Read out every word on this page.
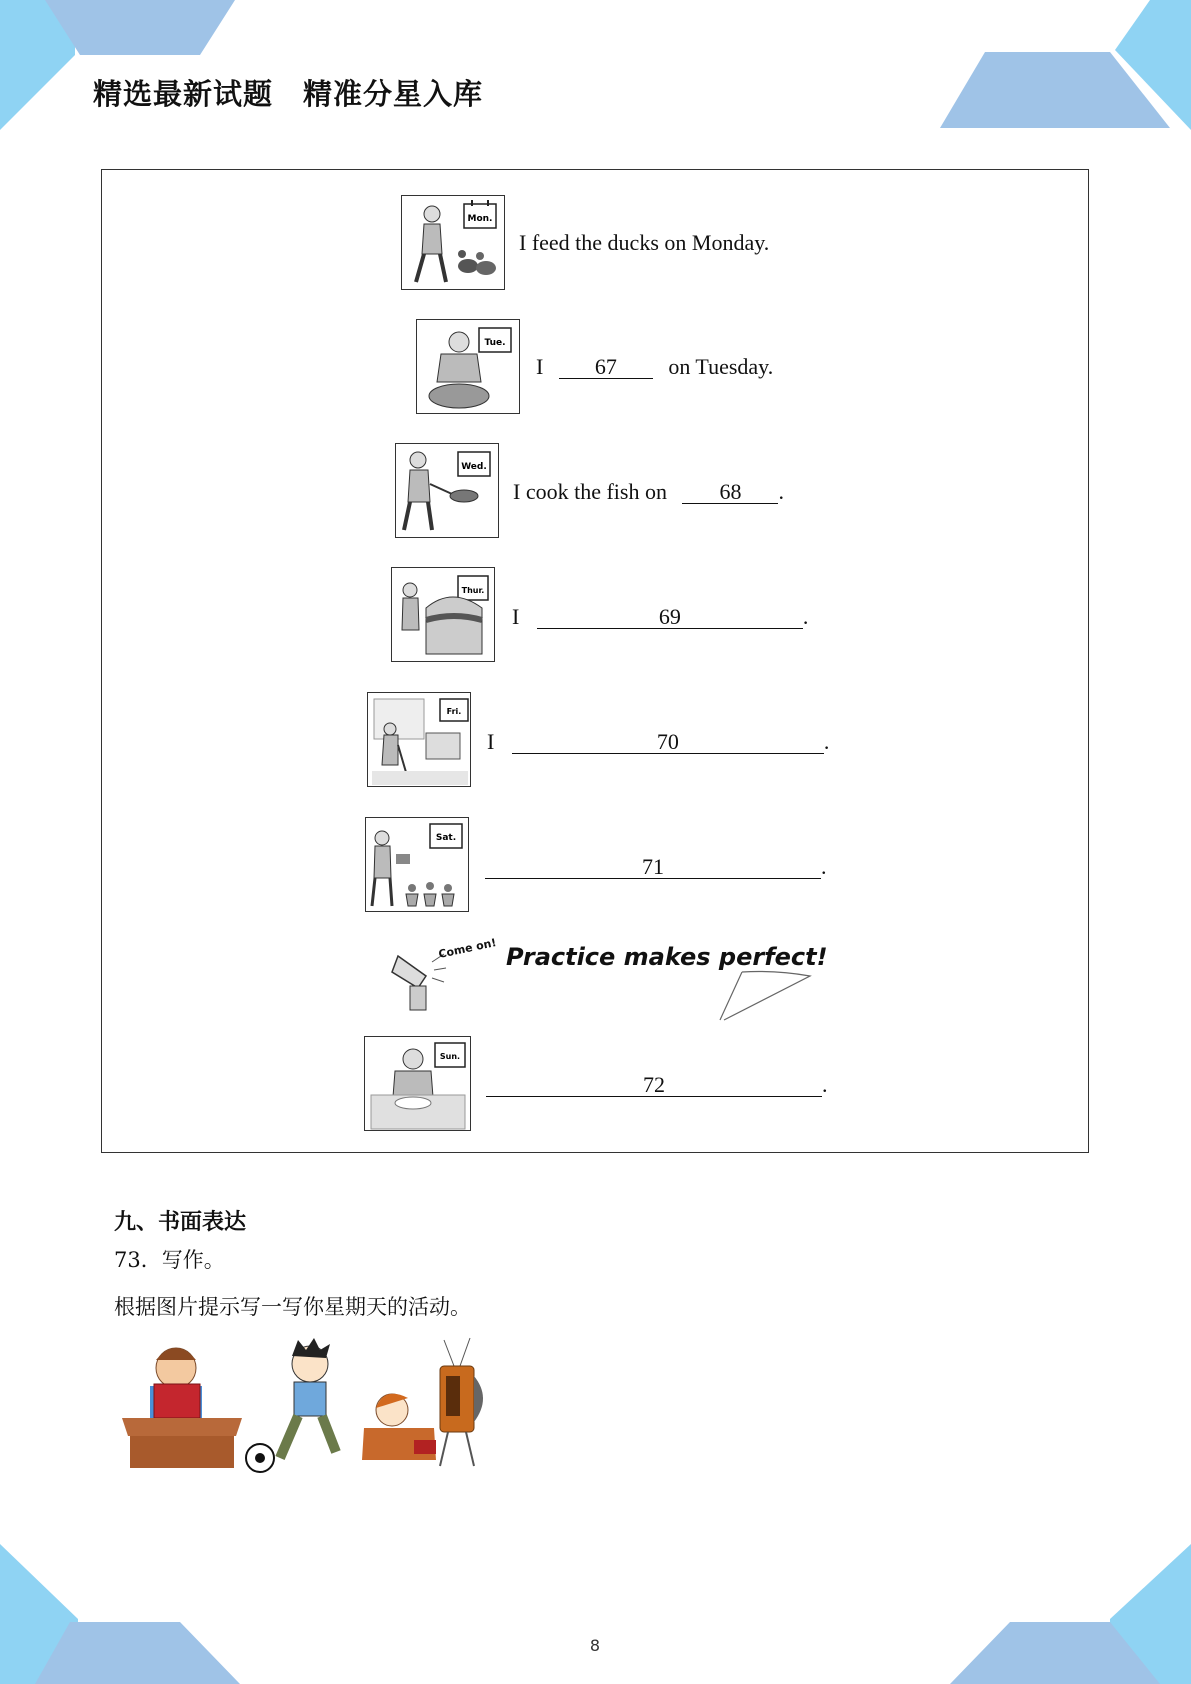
精选最新试题　精准分星入库
Mon.
I feed the ducks on Monday.
Tue.
I 67 on Tuesday.
Wed.
I cook the fish on 68 .
Thur.
I	69	.
Fri.
I	70	.
Sat.
71	.
Come on! Practice makes perfect!
Sun.
72	.
九、书面表达
73．写作。
根据图片提示写一写你星期天的活动。
8
